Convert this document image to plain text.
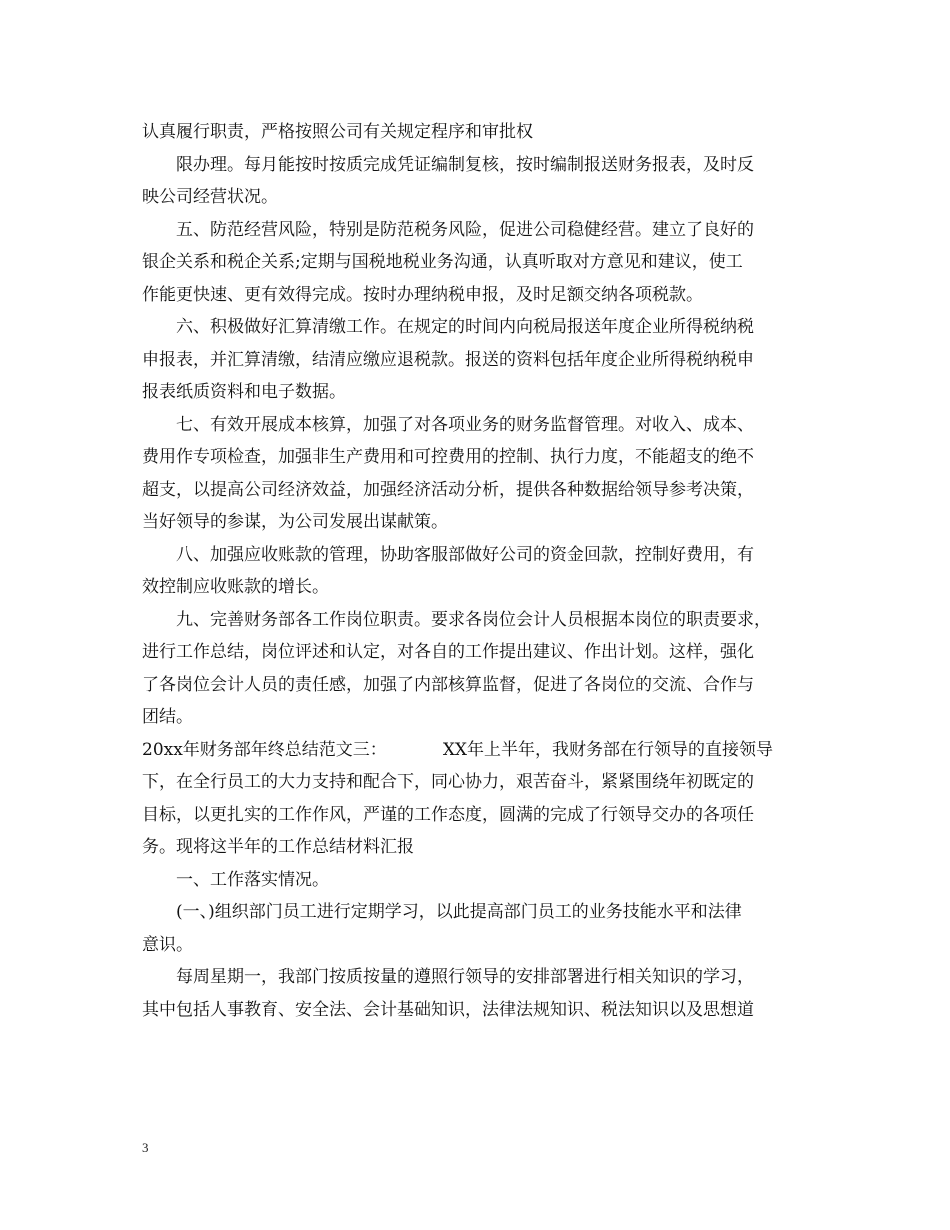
认真履行职责，严格按照公司有关规定程序和审批权
限办理。每月能按时按质完成凭证编制复核，按时编制报送财务报表，及时反
映公司经营状况。
五、防范经营风险，特别是防范税务风险，促进公司稳健经营。建立了良好的
银企关系和税企关系;定期与国税地税业务沟通，认真听取对方意见和建议，使工
作能更快速、更有效得完成。按时办理纳税申报，及时足额交纳各项税款。
六、积极做好汇算清缴工作。在规定的时间内向税局报送年度企业所得税纳税
申报表，并汇算清缴，结清应缴应退税款。报送的资料包括年度企业所得税纳税申
报表纸质资料和电子数据。
七、有效开展成本核算，加强了对各项业务的财务监督管理。对收入、成本、
费用作专项检查，加强非生产费用和可控费用的控制、执行力度，不能超支的绝不
超支，以提高公司经济效益，加强经济活动分析，提供各种数据给领导参考决策，
当好领导的参谋，为公司发展出谋献策。
八、加强应收账款的管理，协助客服部做好公司的资金回款，控制好费用，有
效控制应收账款的增长。
九、完善财务部各工作岗位职责。要求各岗位会计人员根据本岗位的职责要求，
进行工作总结，岗位评述和认定，对各自的工作提出建议、作出计划。这样，强化
了各岗位会计人员的责任感，加强了内部核算监督，促进了各岗位的交流、合作与
团结。
20xx年财务部年终总结范文三：	XX年上半年，我财务部在行领导的直接领导
下，在全行员工的大力支持和配合下，同心协力，艰苦奋斗，紧紧围绕年初既定的
目标，以更扎实的工作作风，严谨的工作态度，圆满的完成了行领导交办的各项任
务。现将这半年的工作总结材料汇报
一、工作落实情况。
(一、)组织部门员工进行定期学习，以此提高部门员工的业务技能水平和法律
意识。
每周星期一，我部门按质按量的遵照行领导的安排部署进行相关知识的学习，
其中包括人事教育、安全法、会计基础知识，法律法规知识、税法知识以及思想道
3
